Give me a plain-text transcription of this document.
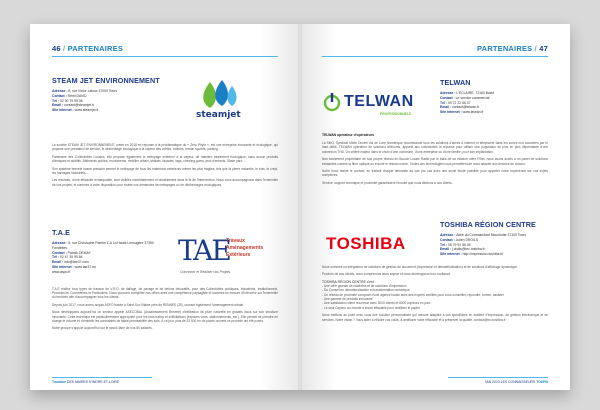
46 / PARTENAIRES
STEAM JET ENVIRONNEMENT
Adresse : 8, rue Victor Laloux 37000 Tours
Contact : Rémi DAVID
Tél : 02 30 79 95 08
Email : contact@steamjet.fr
Site internet : www.steamjet.fr	steamjet

La société STEAM JET ENVIRONNEMENT, créée en 2018 en réponse à la problématique du « Zéro Phyto », est une entreprise innovante et écologique, qui propose une prestation de service, le désherbage écologique à la vapeur des voiries, trottoirs, terrain sportifs, parking.

Partenaire des Collectivités Locales, elle propose également le nettoyage extérieur à la vapeur, de manière totalement écologique, sans aucun produits chimiques et additifs. Bâtiments publics, monuments, mobilier urbain, statues, façades, tags, chewing-gums, jeux d'enfants, Skate parc, ...

Son système breveté basse pression permet le nettoyage de tous les matériaux extérieurs même les plus fragiles, tels que la pierre naturelle, le bois, le crépi, les barbages industriels...

Les résultats, d'une efficacité remarquable, sont visibles immédiatement et durablement dans le fa de l'intervention. Nous vous accompagnons dans l'ensemble de vos projets, et sommes à votre disposition pour toutes vos demandes de nettoyages ou de désherbages écologiques.

T.A.E
Adresse : 5, rue Christophe Plantin Z.A La Haute Limougère 37390 Fondettes
Contact : Patrick DEMAY
Tél : 02 47 39 99 84
Email : info@tae37.com
Site internet : www.tae37.eu
www.aspo.fr
TAE
Travaux
Aménagements
Extérieurs
Concevoir et Réaliser vos Projets

T.A.E réalise tous types de travaux de V.R.D, de dallage, de pavage et de bétons décoratifs, pour des Collectivités publiques, Industriels, Institutionnels, Promoteurs, Commerces et Particuliers. Nous pouvons compléter nos offres avec une compétence paysagiste et sommes en mesure d'intervenir sur l'ensemble du territoire afin d'accompagner tous les clients.

Depuis juin 2017, nous avons acquis ASPO basée à Saint-Sur-Vilaine près de RENNES (35), ouvrant également l'aménagement urbain.

Nous développons aujourd'hui un secteur appelé ASECOBAL (Assainissement Breveté) d'infiltration de pluie naturelle en gravats issus sur son structure innovante. Cette technique est particulièrement appropriée pour les forts trafics et sollicitations (espaces verts, stationnements, etc.). Elle permet de prendre en charge le volume et d'embellir les contraintes de faible perméabilité des sols. À ce jour, plus de 32 000 m² de pavés ouvrent ce procédé ont été posés.

Notre groupe s'appuie aujourd'hui sur le savoir-faire de nos 80 salariés.

Touraine DES MAIRES D'INDRE-ET-LOIRE
PARTENAIRES / 47
TELWAN
PROFESSIONNELS
TELWAN
Adresse : L'ÉCLAIRE, 72160 Bazié
Contact : Le service commercial
Tél : 09 72 22 66 47
Email : contact@telwan.fr
Site internet : www.telwan.fr
TELWAN opérateur d'opérateurs

La SMO, Syndicat Mixte Ouvert Val de Loire Numérique recommande tous les solutions d'accès à internet et téléphonie dans les zones non couvertes par le haut débit. TELWAN opérateur de solutions télécoms, apporte aux collectivités la réponse pour utiliser une population de plus en plus dépendante d'une connexion THD. Un critère majeur dans le choix d'une commune, d'une entreprise ou d'une famille, pour son implantation.

Non seulement propriétaire de son propre réseau en Boucle Locale Radio par le biais de sa mission mère R'lan, nous avons accès à un panel de solutions existantes comme la fibre optique ou encore le réseau cuivre. Toutes ces technologies nous permettent de nous adapter aux besoins de chacun.

Notre force réside le contact, en traitant chaque demande au cas par cas avec une seule étude possible pour apporter notre expérience sur vos sujets complexes.

Service, support technique et proximité garantissent l'écoute que nous dédions à nos clients.

TOSHIBA
TOSHIBA RÉGION CENTRE
Adresse : Allée du Commandant Mouchotte 37100 Tours
Contact : Julien DROILS
Tél : 06 79 91 56 45
Email : j.droils@tec.toshiba.fr
Site internet : http://impression.toshiba.fr/

Nous sommes un intégrateur de solutions de gestion de document (Impression et dématérialisation) et de solutions d'affichage dynamique.

Proches de nos clients, nous comprenons leurs enjeux et nous développons leur confiance.

TOSHIBA RÉGION CENTRE c'est :
- Une offre globale de matériels et de solutions d'impression
- Du Conseil en dématérialisation et transformation numérique
- Un réseau de proximité composé d'une agence locale avec des experts certifiés pour vous conseiller, répondre, former, assister
- Une gamme de produits innovante
- Une satisfaction client reconnue avec 3000 clients et 8000 copieurs en parc
- Le seul Copieur au monde à encre effaçable pour réutiliser le papier

Nous mettons au point avec vous une solution personnalisée qui mesure adaptée à vos spécificités en matière d'impression, de gestion électronique et de services. Notre vision ? Vous aider à réduire vos coûts, à améliorer votre efficacité et à préserver la qualité. contact@tec.toshiba.fr

MAI 2023 LES CONNAISSEURS TOURS
